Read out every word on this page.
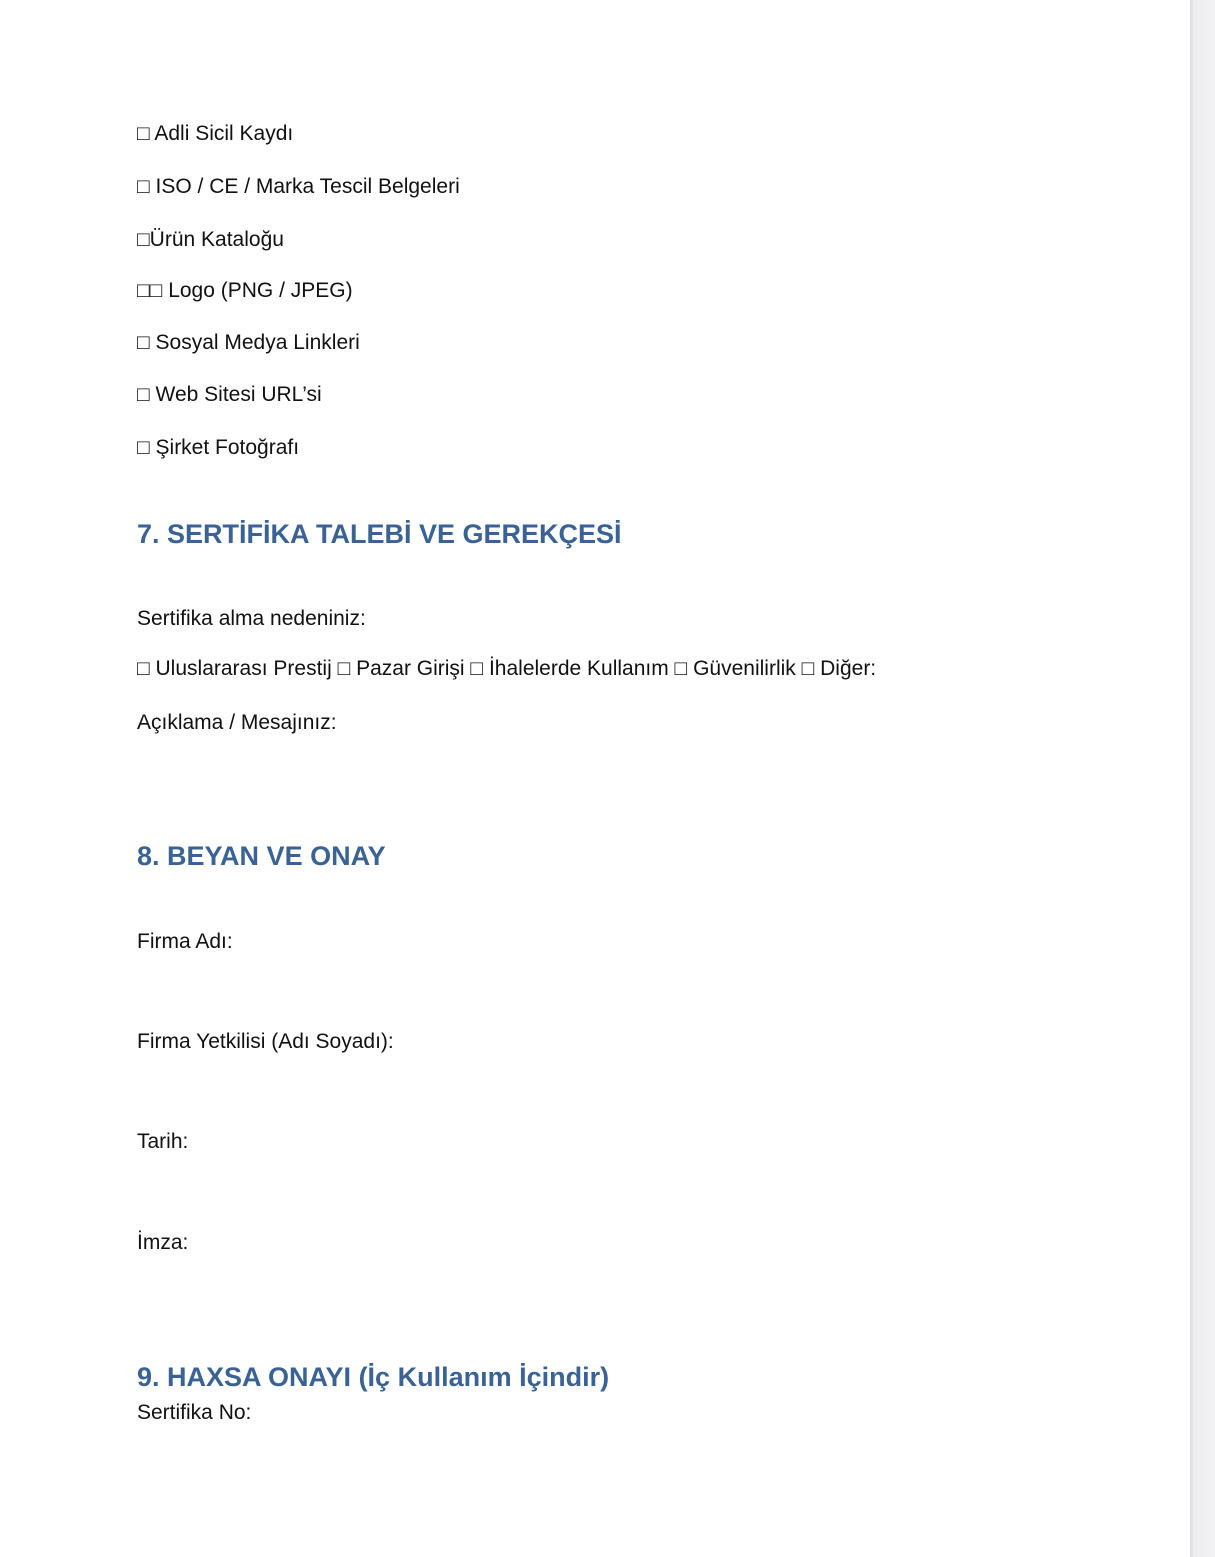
□ Adli Sicil Kaydı
□ ISO / CE / Marka Tescil Belgeleri
□Ürün Kataloğu
□□ Logo (PNG / JPEG)
□ Sosyal Medya Linkleri
□ Web Sitesi URL’si
□ Şirket Fotoğrafı
7. SERTİFİKA TALEBİ VE GEREKÇESİ
Sertifika alma nedeniniz:
□ Uluslararası Prestij □ Pazar Girişi □ İhalelerde Kullanım □ Güvenilirlik □ Diğer:
Açıklama / Mesajınız:
8. BEYAN VE ONAY
Firma Adı:
Firma Yetkilisi (Adı Soyadı):
Tarih:
İmza:
9. HAXSA ONAYI (İç Kullanım İçindir)
Sertifika No:
